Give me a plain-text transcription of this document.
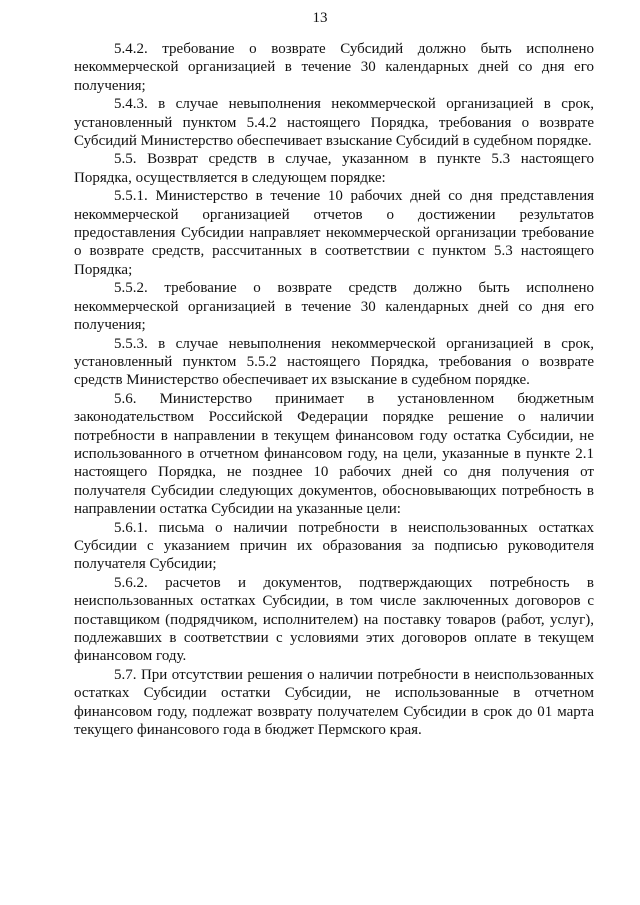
13

5.4.2. требование о возврате Субсидий должно быть исполнено некоммерческой организацией в течение 30 календарных дней со дня его получения;

5.4.3. в случае невыполнения некоммерческой организацией в срок, установленный пунктом 5.4.2 настоящего Порядка, требования о возврате Субсидий Министерство обеспечивает взыскание Субсидий в судебном порядке.

5.5. Возврат средств в случае, указанном в пункте 5.3 настоящего Порядка, осуществляется в следующем порядке:

5.5.1. Министерство в течение 10 рабочих дней со дня представления некоммерческой организацией отчетов о достижении результатов предоставления Субсидии направляет некоммерческой организации требование о возврате средств, рассчитанных в соответствии с пунктом 5.3 настоящего Порядка;

5.5.2. требование о возврате средств должно быть исполнено некоммерческой организацией в течение 30 календарных дней со дня его получения;

5.5.3. в случае невыполнения некоммерческой организацией в срок, установленный пунктом 5.5.2 настоящего Порядка, требования о возврате средств Министерство обеспечивает их взыскание в судебном порядке.

5.6. Министерство принимает в установленном бюджетным законодательством Российской Федерации порядке решение о наличии потребности в направлении в текущем финансовом году остатка Субсидии, не использованного в отчетном финансовом году, на цели, указанные в пункте 2.1 настоящего Порядка, не позднее 10 рабочих дней со дня получения от получателя Субсидии следующих документов, обосновывающих потребность в направлении остатка Субсидии на указанные цели:

5.6.1. письма о наличии потребности в неиспользованных остатках Субсидии с указанием причин их образования за подписью руководителя получателя Субсидии;

5.6.2. расчетов и документов, подтверждающих потребность в неиспользованных остатках Субсидии, в том числе заключенных договоров с поставщиком (подрядчиком, исполнителем) на поставку товаров (работ, услуг), подлежавших в соответствии с условиями этих договоров оплате в текущем финансовом году.

5.7. При отсутствии решения о наличии потребности в неиспользованных остатках Субсидии остатки Субсидии, не использованные в отчетном финансовом году, подлежат возврату получателем Субсидии в срок до 01 марта текущего финансового года в бюджет Пермского края.
